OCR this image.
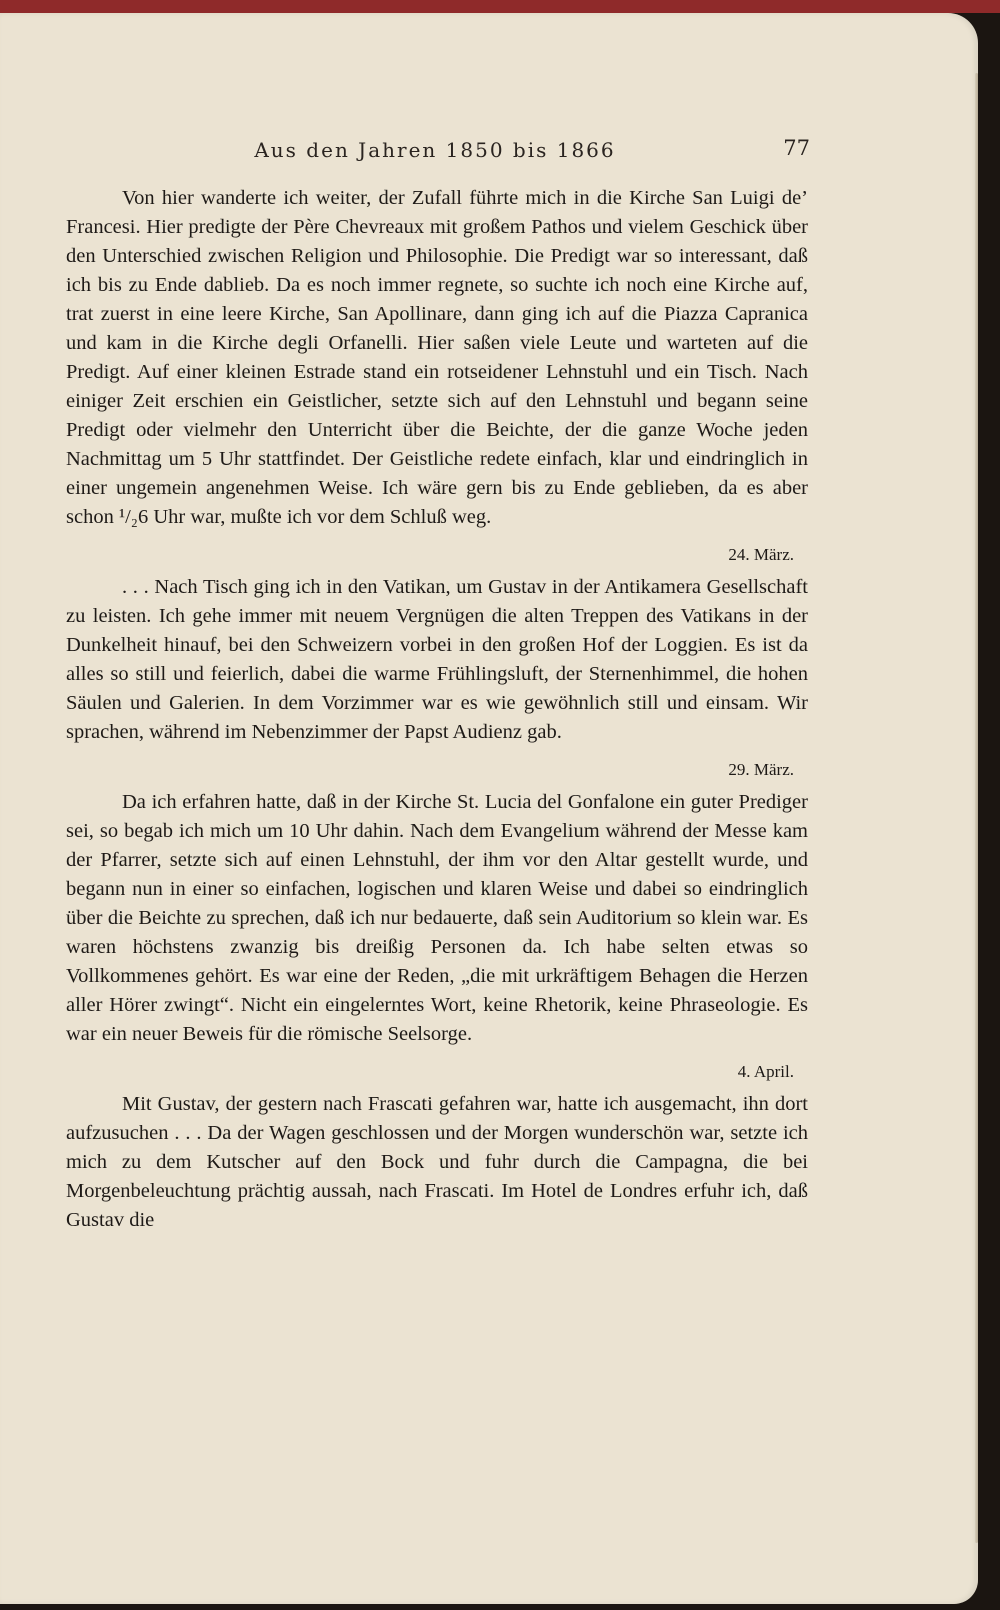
Aus den Jahren 1850 bis 1866	77

Von hier wanderte ich weiter, der Zufall führte mich in die Kirche San Luigi de’ Francesi. Hier predigte der Père Chevreaux mit großem Pathos und vielem Geschick über den Unterschied zwischen Religion und Philosophie. Die Predigt war so interessant, daß ich bis zu Ende dablieb. Da es noch immer regnete, so suchte ich noch eine Kirche auf, trat zuerst in eine leere Kirche, San Apollinare, dann ging ich auf die Piazza Capranica und kam in die Kirche degli Orfanelli. Hier saßen viele Leute und warteten auf die Predigt. Auf einer kleinen Estrade stand ein rotseidener Lehnstuhl und ein Tisch. Nach einiger Zeit erschien ein Geistlicher, setzte sich auf den Lehnstuhl und begann seine Predigt oder vielmehr den Unterricht über die Beichte, der die ganze Woche jeden Nachmittag um 5 Uhr stattfindet. Der Geistliche redete einfach, klar und eindringlich in einer ungemein angenehmen Weise. Ich wäre gern bis zu Ende geblieben, da es aber schon ¹/₂6 Uhr war, mußte ich vor dem Schluß weg.

24. März.

. . . Nach Tisch ging ich in den Vatikan, um Gustav in der Antikamera Gesellschaft zu leisten. Ich gehe immer mit neuem Vergnügen die alten Treppen des Vatikans in der Dunkelheit hinauf, bei den Schweizern vorbei in den großen Hof der Loggien. Es ist da alles so still und feierlich, dabei die warme Frühlingsluft, der Sternenhimmel, die hohen Säulen und Galerien. In dem Vorzimmer war es wie gewöhnlich still und einsam. Wir sprachen, während im Nebenzimmer der Papst Audienz gab.

29. März.

Da ich erfahren hatte, daß in der Kirche St. Lucia del Gonfalone ein guter Prediger sei, so begab ich mich um 10 Uhr dahin. Nach dem Evangelium während der Messe kam der Pfarrer, setzte sich auf einen Lehnstuhl, der ihm vor den Altar gestellt wurde, und begann nun in einer so einfachen, logischen und klaren Weise und dabei so eindringlich über die Beichte zu sprechen, daß ich nur bedauerte, daß sein Auditorium so klein war. Es waren höchstens zwanzig bis dreißig Personen da. Ich habe selten etwas so Vollkommenes gehört. Es war eine der Reden, „die mit urkräftigem Behagen die Herzen aller Hörer zwingt“. Nicht ein eingelerntes Wort, keine Rhetorik, keine Phraseologie. Es war ein neuer Beweis für die römische Seelsorge.

4. April.

Mit Gustav, der gestern nach Frascati gefahren war, hatte ich ausgemacht, ihn dort aufzusuchen . . . Da der Wagen geschlossen und der Morgen wunderschön war, setzte ich mich zu dem Kutscher auf den Bock und fuhr durch die Campagna, die bei Morgenbeleuchtung prächtig aussah, nach Frascati. Im Hotel de Londres erfuhr ich, daß Gustav die
